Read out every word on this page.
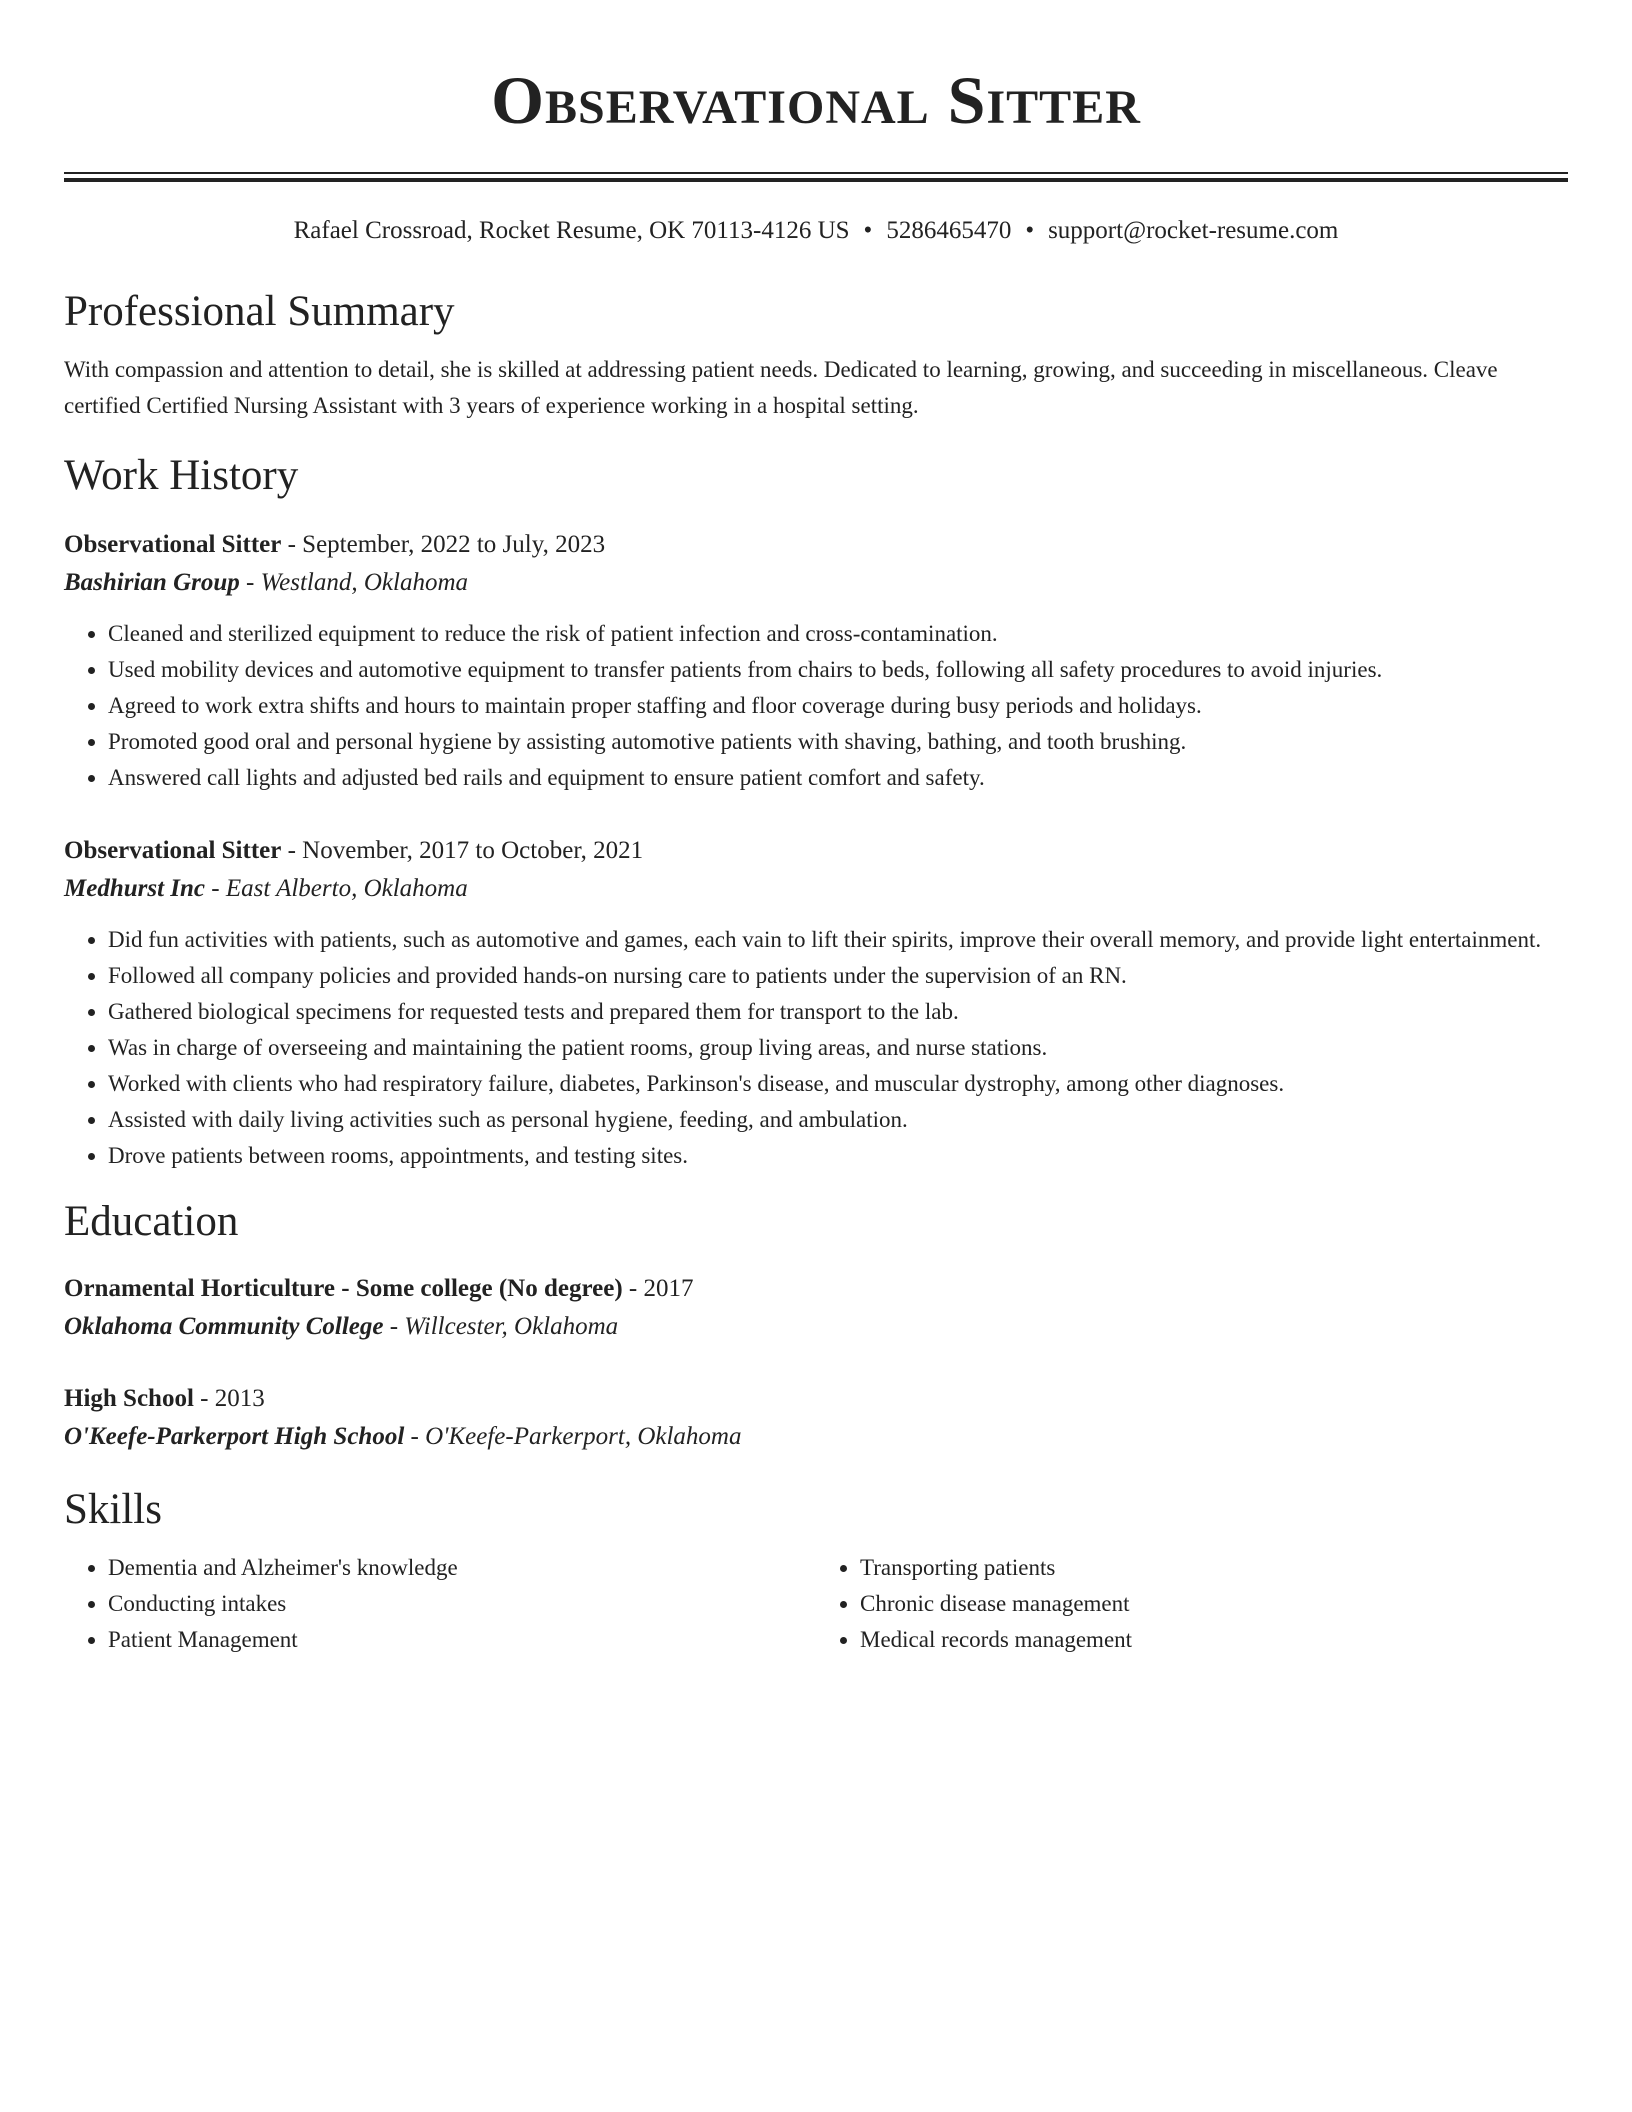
Observational Sitter
Rafael Crossroad, Rocket Resume, OK 70113-4126 US • 5286465470 • support@rocket-resume.com
Professional Summary
With compassion and attention to detail, she is skilled at addressing patient needs. Dedicated to learning, growing, and succeeding in miscellaneous. Cleave certified Certified Nursing Assistant with 3 years of experience working in a hospital setting.
Work History
Observational Sitter - September, 2022 to July, 2023
Bashirian Group - Westland, Oklahoma
• Cleaned and sterilized equipment to reduce the risk of patient infection and cross-contamination.
• Used mobility devices and automotive equipment to transfer patients from chairs to beds, following all safety procedures to avoid injuries.
• Agreed to work extra shifts and hours to maintain proper staffing and floor coverage during busy periods and holidays.
• Promoted good oral and personal hygiene by assisting automotive patients with shaving, bathing, and tooth brushing.
• Answered call lights and adjusted bed rails and equipment to ensure patient comfort and safety.
Observational Sitter - November, 2017 to October, 2021
Medhurst Inc - East Alberto, Oklahoma
• Did fun activities with patients, such as automotive and games, each vain to lift their spirits, improve their overall memory, and provide light entertainment.
• Followed all company policies and provided hands-on nursing care to patients under the supervision of an RN.
• Gathered biological specimens for requested tests and prepared them for transport to the lab.
• Was in charge of overseeing and maintaining the patient rooms, group living areas, and nurse stations.
• Worked with clients who had respiratory failure, diabetes, Parkinson's disease, and muscular dystrophy, among other diagnoses.
• Assisted with daily living activities such as personal hygiene, feeding, and ambulation.
• Drove patients between rooms, appointments, and testing sites.
Education
Ornamental Horticulture - Some college (No degree) - 2017
Oklahoma Community College - Willcester, Oklahoma
High School - 2013
O'Keefe-Parkerport High School - O'Keefe-Parkerport, Oklahoma
Skills
• Dementia and Alzheimer's knowledge
• Conducting intakes
• Patient Management
• Transporting patients
• Chronic disease management
• Medical records management
